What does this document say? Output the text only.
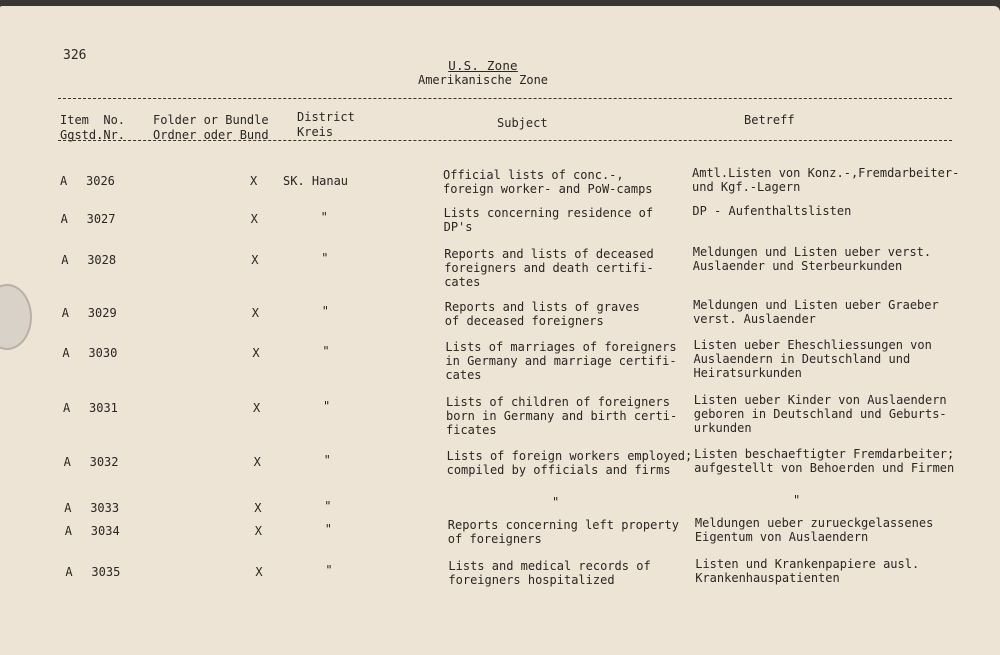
326
U.S. Zone
Amerikanische Zone
Item  No.
Ggstd.Nr.
Folder or Bundle
Ordner oder Bund
District
Kreis
Subject	Betreff
A 3026	X SK. Hanau	Official lists of conc.-,
foreign worker- and PoW-camps
Amtl.Listen von Konz.-,Fremdarbeiter-
und Kgf.-Lagern
A 3027	X	"	Lists concerning residence of
DP's
DP - Aufenthaltslisten
A 3028	X	"	Reports and lists of deceased
foreigners and death certifi-
cates
Meldungen und Listen ueber verst.
Auslaender und Sterbeurkunden
A 3029	X	"	Reports and lists of graves
of deceased foreigners
Meldungen und Listen ueber Graeber
verst. Auslaender
A 3030	X	"	Lists of marriages of foreigners
in Germany and marriage certifi-
cates
Listen ueber Eheschliessungen von
Auslaendern in Deutschland und
Heiratsurkunden
A 3031	X	"	Lists of children of foreigners
born in Germany and birth certi-
ficates
Listen ueber Kinder von Auslaendern
geboren in Deutschland und Geburts-
urkunden
A 3032	X	"	Lists of foreign workers employed;
compiled by officials and firms
Listen beschaeftigter Fremdarbeiter;
aufgestellt von Behoerden und Firmen
A 3033	X	"	"	"
A 3034	X	"	Reports concerning left property
of foreigners
Meldungen ueber zurueckgelassenes
Eigentum von Auslaendern
A 3035	X	"	Lists and medical records of
foreigners hospitalized
Listen und Krankenpapiere ausl.
Krankenhauspatienten
